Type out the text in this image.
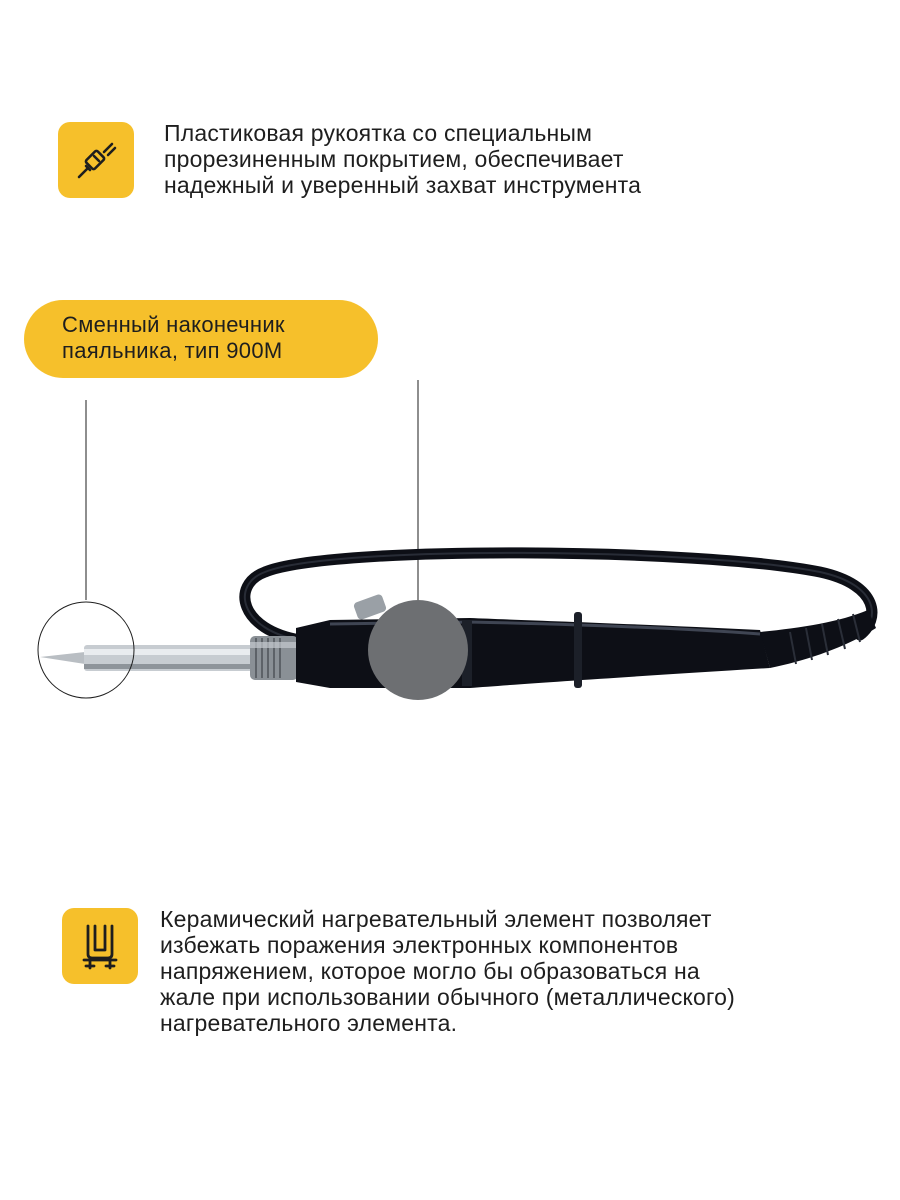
Пластиковая рукоятка со специальным
прорезиненным покрытием, обеспечивает
надежный и уверенный захват инструмента

Сменный наконечник
паяльника, тип 900M

Керамический нагревательный элемент позволяет
избежать поражения электронных компонентов
напряжением, которое могло бы образоваться на
жале при использовании обычного (металлического)
нагревательного элемента.
